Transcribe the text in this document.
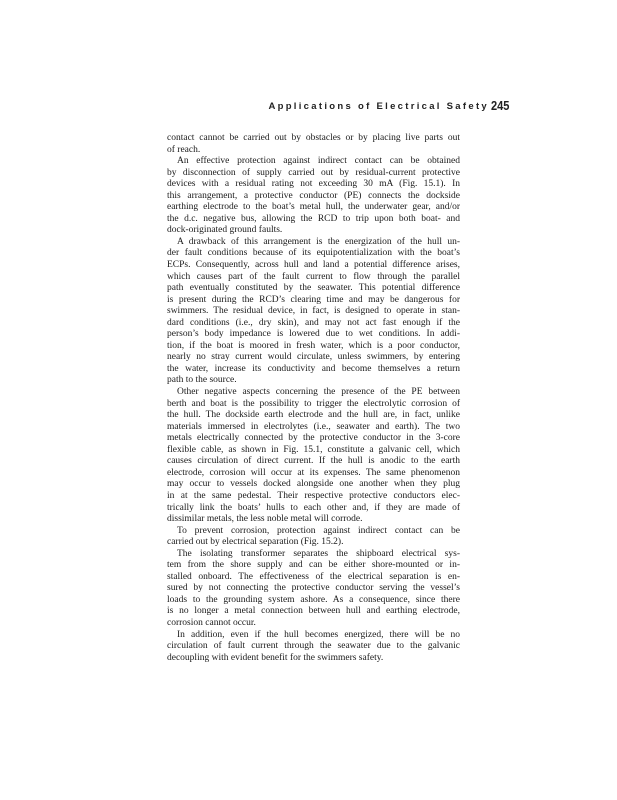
Applications of Electrical Safety 245
contact cannot be carried out by obstacles or by placing live parts out
of reach.
An effective protection against indirect contact can be obtained
by disconnection of supply carried out by residual-current protective
devices with a residual rating not exceeding 30 mA (Fig. 15.1). In
this arrangement, a protective conductor (PE) connects the dockside
earthing electrode to the boat’s metal hull, the underwater gear, and/or
the d.c. negative bus, allowing the RCD to trip upon both boat- and
dock-originated ground faults.
A drawback of this arrangement is the energization of the hull un-
der fault conditions because of its equipotentialization with the boat’s
ECPs. Consequently, across hull and land a potential difference arises,
which causes part of the fault current to flow through the parallel
path eventually constituted by the seawater. This potential difference
is present during the RCD’s clearing time and may be dangerous for
swimmers. The residual device, in fact, is designed to operate in stan-
dard conditions (i.e., dry skin), and may not act fast enough if the
person’s body impedance is lowered due to wet conditions. In addi-
tion, if the boat is moored in fresh water, which is a poor conductor,
nearly no stray current would circulate, unless swimmers, by entering
the water, increase its conductivity and become themselves a return
path to the source.
Other negative aspects concerning the presence of the PE between
berth and boat is the possibility to trigger the electrolytic corrosion of
the hull. The dockside earth electrode and the hull are, in fact, unlike
materials immersed in electrolytes (i.e., seawater and earth). The two
metals electrically connected by the protective conductor in the 3-core
flexible cable, as shown in Fig. 15.1, constitute a galvanic cell, which
causes circulation of direct current. If the hull is anodic to the earth
electrode, corrosion will occur at its expenses. The same phenomenon
may occur to vessels docked alongside one another when they plug
in at the same pedestal. Their respective protective conductors elec-
trically link the boats’ hulls to each other and, if they are made of
dissimilar metals, the less noble metal will corrode.
To prevent corrosion, protection against indirect contact can be
carried out by electrical separation (Fig. 15.2).
The isolating transformer separates the shipboard electrical sys-
tem from the shore supply and can be either shore-mounted or in-
stalled onboard. The effectiveness of the electrical separation is en-
sured by not connecting the protective conductor serving the vessel’s
loads to the grounding system ashore. As a consequence, since there
is no longer a metal connection between hull and earthing electrode,
corrosion cannot occur.
In addition, even if the hull becomes energized, there will be no
circulation of fault current through the seawater due to the galvanic
decoupling with evident benefit for the swimmers safety.
